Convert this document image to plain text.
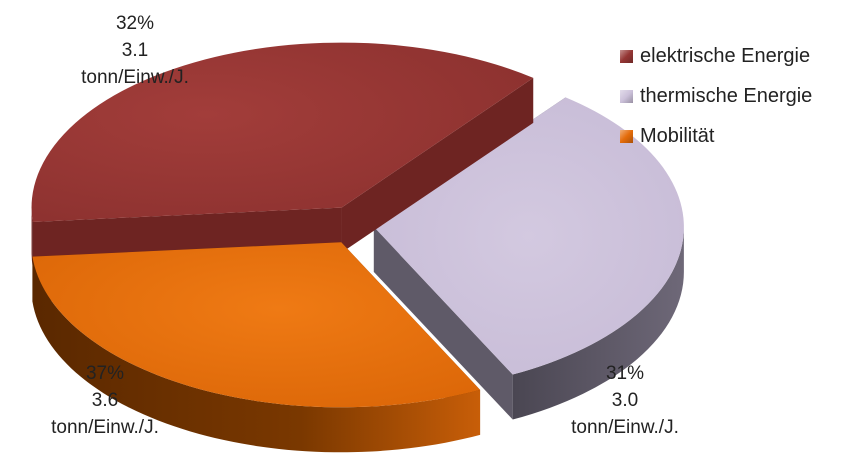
32%
3.1
tonn/Einw./J.
37%
3.6
tonn/Einw./J.
31%
3.0
tonn/Einw./J.
elektrische Energie
thermische Energie
Mobilität
